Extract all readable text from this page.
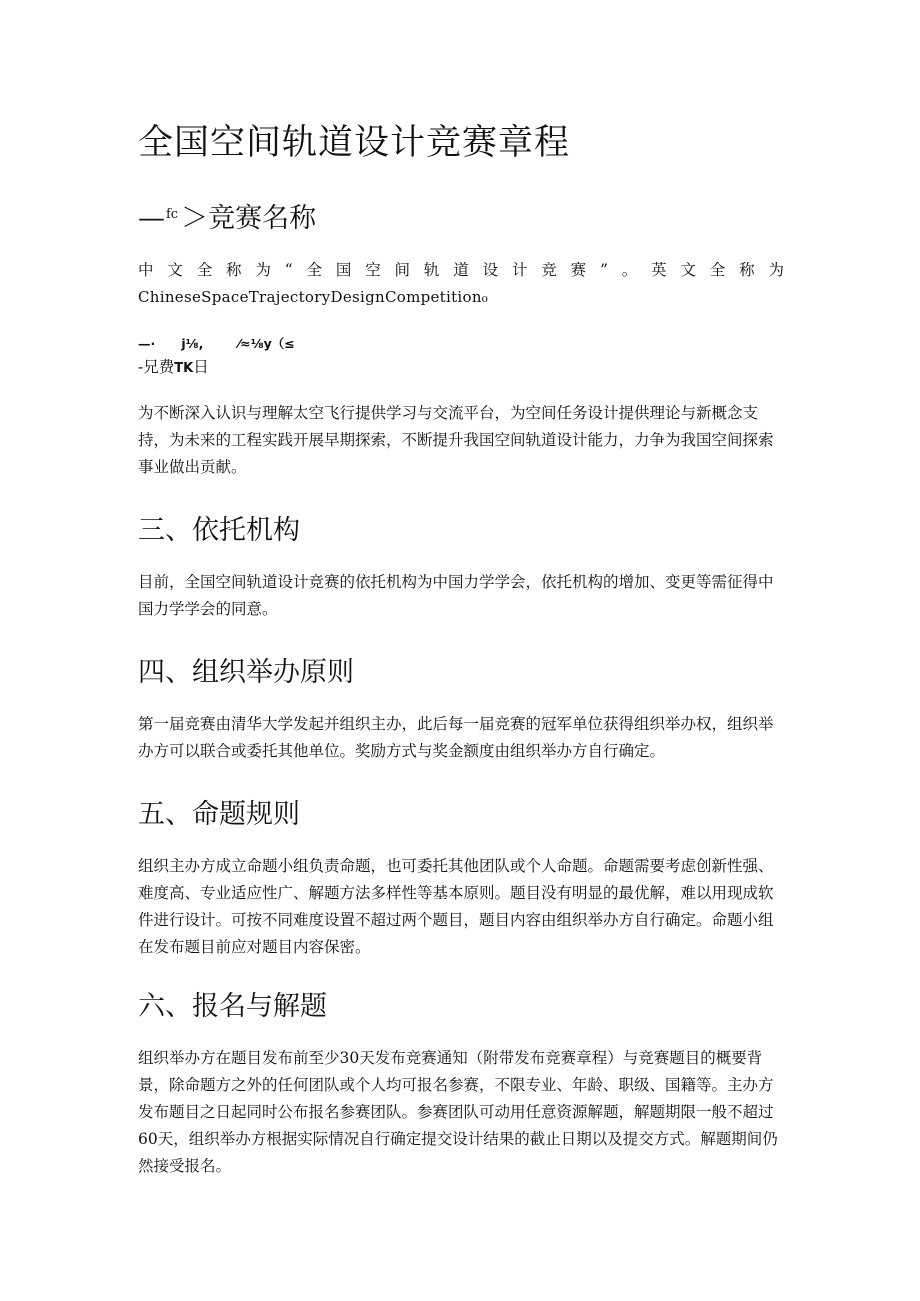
全国空间轨道设计竞赛章程
—$^{fc}$ ＞竞赛名称
中文全称为“全国空间轨道设计竞赛”。英文全称为
ChineseSpaceTrajectoryDesignCompetition₀
—·      j⅛,        ⁄≈⅛y（≤
-兄费TK日

为不断深入认识与理解太空飞行提供学习与交流平台，为空间任务设计提供理论与新概念支持，为未来的工程实践开展早期探索，不断提升我国空间轨道设计能力，力争为我国空间探索事业做出贡献。

三、依托机构

目前，全国空间轨道设计竞赛的依托机构为中国力学学会，依托机构的增加、变更等需征得中国力学学会的同意。

四、组织举办原则

第一届竞赛由清华大学发起并组织主办，此后每一届竞赛的冠军单位获得组织举办权，组织举办方可以联合或委托其他单位。奖励方式与奖金额度由组织举办方自行确定。

五、命题规则

组织主办方成立命题小组负责命题，也可委托其他团队或个人命题。命题需要考虑创新性强、难度高、专业适应性广、解题方法多样性等基本原则。题目没有明显的最优解，难以用现成软件进行设计。可按不同难度设置不超过两个题目，题目内容由组织举办方自行确定。命题小组在发布题目前应对题目内容保密。

六、报名与解题

组织举办方在题目发布前至少30天发布竞赛通知（附带发布竞赛章程）与竞赛题目的概要背景，除命题方之外的任何团队或个人均可报名参赛，不限专业、年龄、职级、国籍等。主办方发布题目之日起同时公布报名参赛团队。参赛团队可动用任意资源解题，解题期限一般不超过60天，组织举办方根据实际情况自行确定提交设计结果的截止日期以及提交方式。解题期间仍然接受报名。
